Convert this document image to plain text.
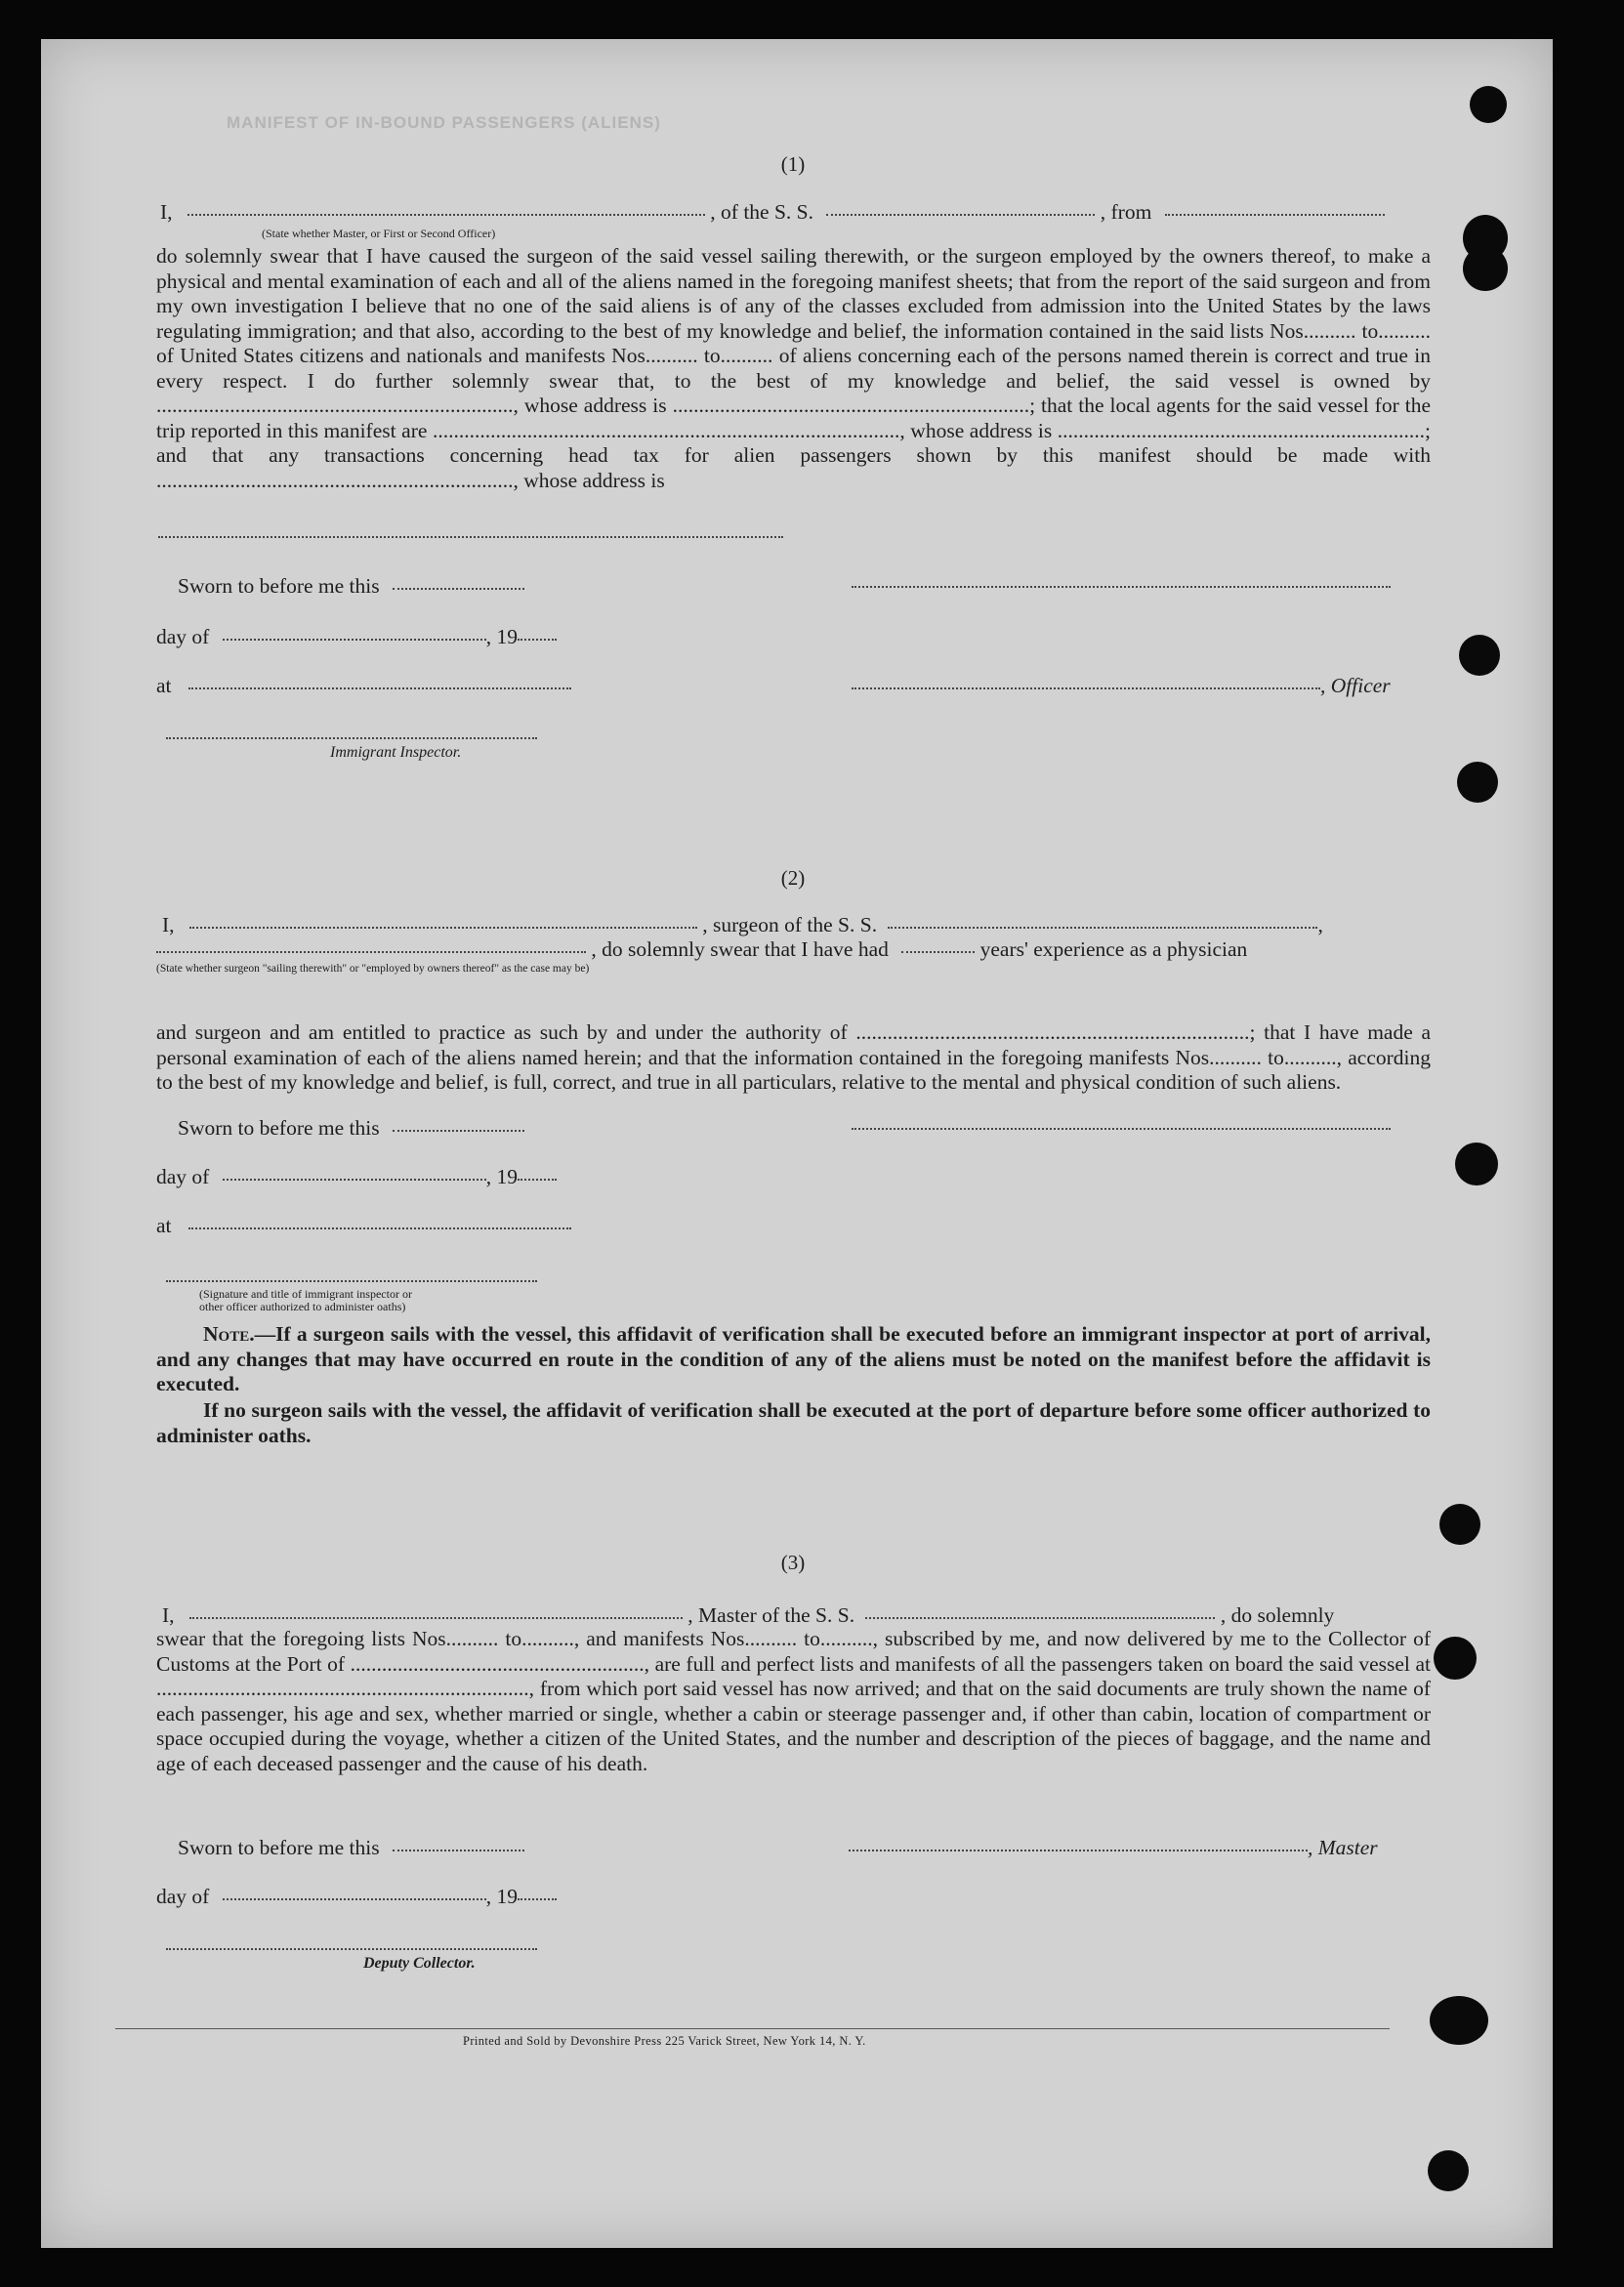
MANIFEST OF IN-BOUND PASSENGERS (ALIENS)
(1)
I,	, of the S. S.	, from
(State whether Master, or First or Second Officer)

do solemnly swear that I have caused the surgeon of the said vessel sailing therewith, or the surgeon employed by the owners thereof, to make a physical and mental examination of each and all of the aliens named in the foregoing manifest sheets; that from the report of the said surgeon and from my own investigation I believe that no one of the said aliens is of any of the classes excluded from admission into the United States by the laws regulating immigration; and that also, according to the best of my knowledge and belief, the information contained in the said lists Nos.......... to.......... of United States citizens and nationals and manifests Nos.......... to.......... of aliens concerning each of the persons named therein is correct and true in every respect. I do further solemnly swear that, to the best of my knowledge and belief, the said vessel is owned by ...................................................................., whose address is ....................................................................; that the local agents for the said vessel for the trip reported in this manifest are ........................................................................................., whose address is ......................................................................; and that any transactions concerning head tax for alien passengers shown by this manifest should be made with ...................................................................., whose address is

Sworn to before me this
day of	, 19
at	, Officer
Immigrant Inspector.
(2)
I,	, surgeon of the S. S.	,
, do solemnly swear that I have had	years' experience as a physician
(State whether surgeon "sailing therewith" or "employed by owners thereof" as the case may be)

and surgeon and am entitled to practice as such by and under the authority of ...........................................................................; that I have made a personal examination of each of the aliens named herein; and that the information contained in the foregoing manifests Nos.......... to.........., according to the best of my knowledge and belief, is full, correct, and true in all particulars, relative to the mental and physical condition of such aliens.

Sworn to before me this
day of	, 19
at
(Signature and title of immigrant inspector or
other officer authorized to administer oaths)

Note.—If a surgeon sails with the vessel, this affidavit of verification shall be executed before an immigrant inspector at port of arrival, and any changes that may have occurred en route in the condition of any of the aliens must be noted on the manifest before the affidavit is executed.

If no surgeon sails with the vessel, the affidavit of verification shall be executed at the port of departure before some officer authorized to administer oaths.

(3)
I,	, Master of the S. S.	, do solemnly

swear that the foregoing lists Nos.......... to.........., and manifests Nos.......... to.........., subscribed by me, and now delivered by me to the Collector of Customs at the Port of ........................................................, are full and perfect lists and manifests of all the passengers taken on board the said vessel at ......................................................................., from which port said vessel has now arrived; and that on the said documents are truly shown the name of each passenger, his age and sex, whether married or single, whether a cabin or steerage passenger and, if other than cabin, location of compartment or space occupied during the voyage, whether a citizen of the United States, and the number and description of the pieces of baggage, and the name and age of each deceased passenger and the cause of his death.

Sworn to before me this	, Master
day of	, 19
Deputy Collector.
Printed and Sold by Devonshire Press 225 Varick Street, New York 14, N. Y.
